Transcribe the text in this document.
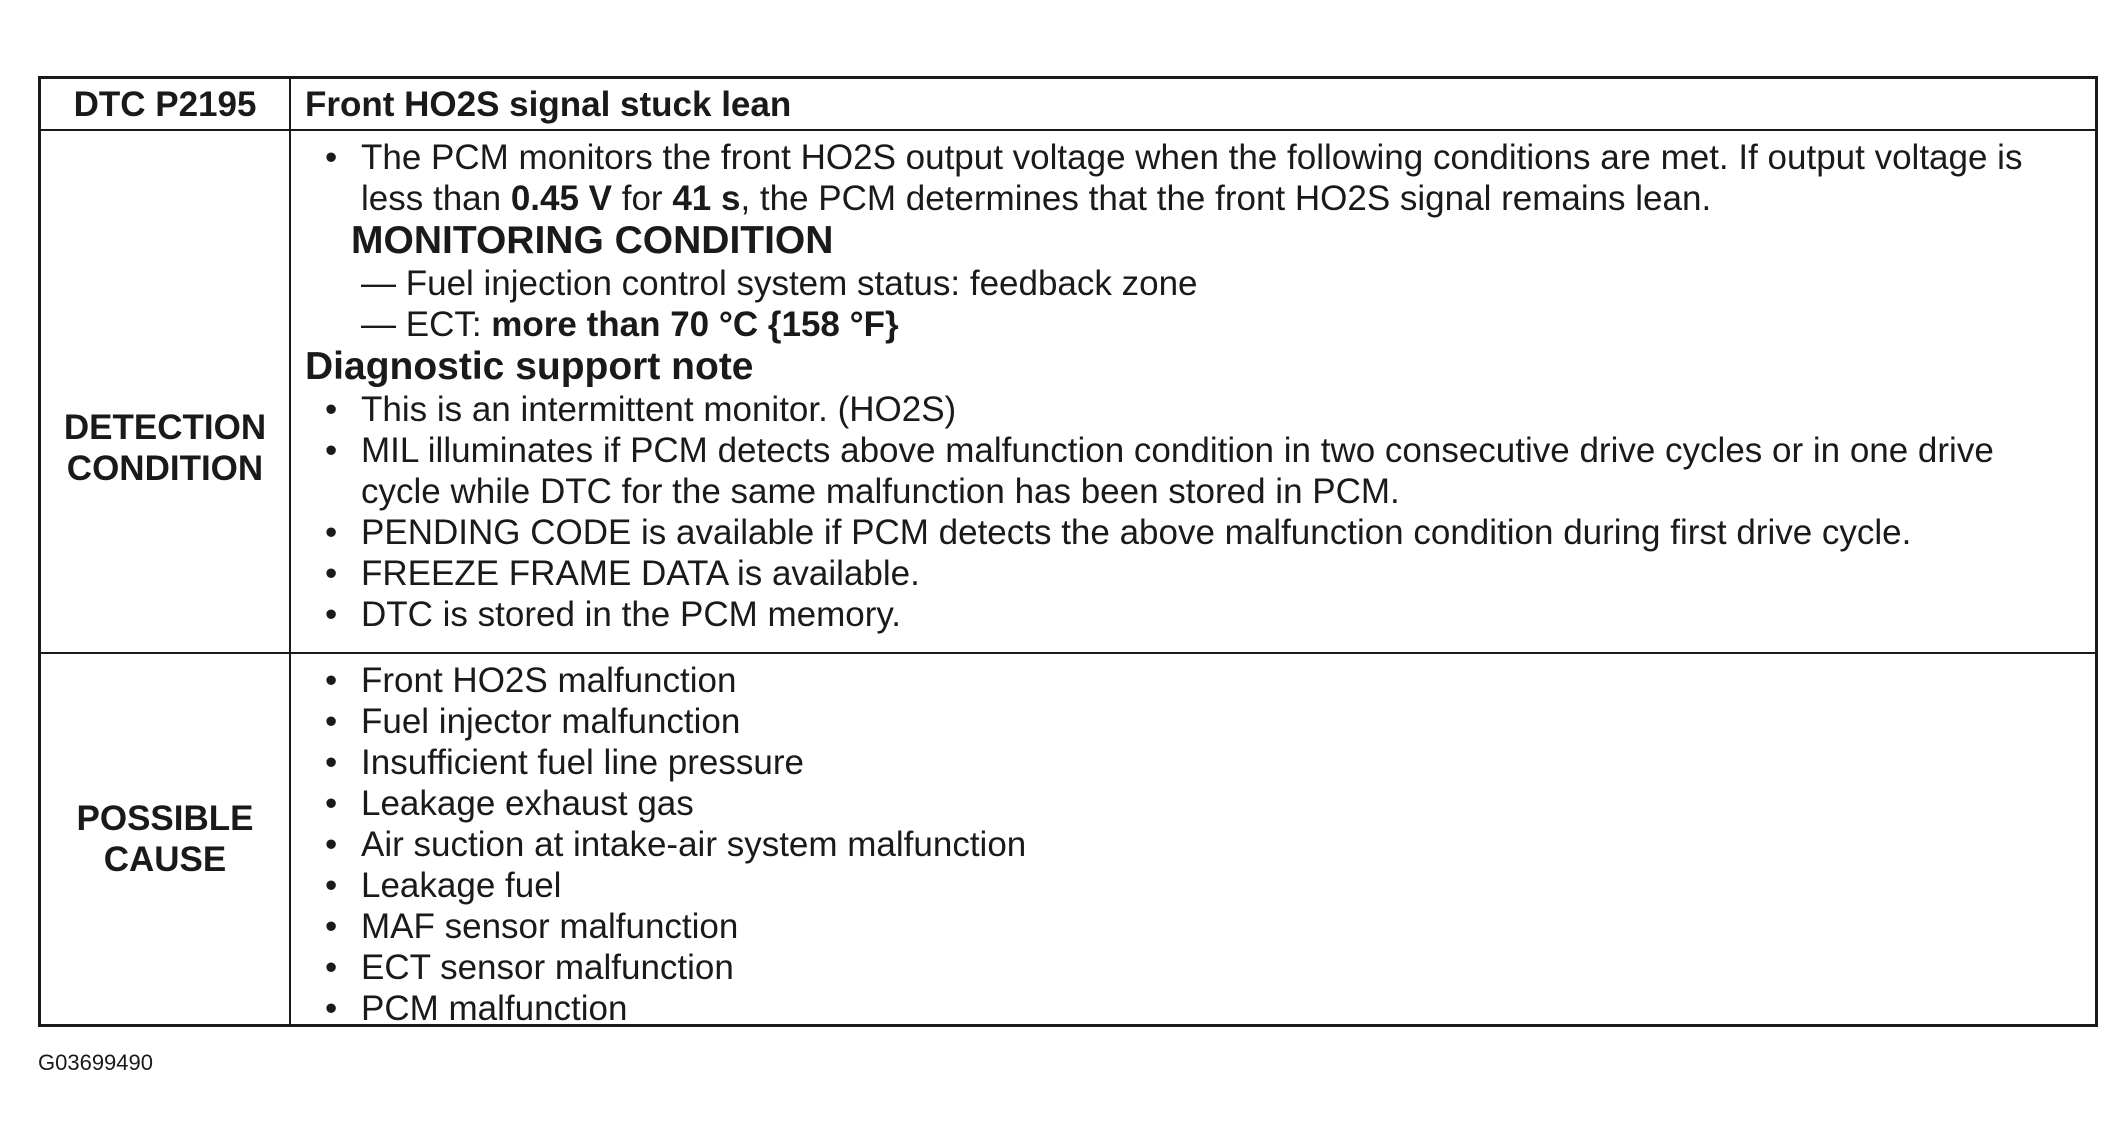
DTC P2195	Front HO2S signal stuck lean
DETECTION
CONDITION
• The PCM monitors the front HO2S output voltage when the following conditions are met. If output voltage is less than 0.45 V for 41 s, the PCM determines that the front HO2S signal remains lean.
MONITORING CONDITION
— Fuel injection control system status: feedback zone
— ECT: more than 70 °C {158 °F}
Diagnostic support note
• This is an intermittent monitor. (HO2S)
• MIL illuminates if PCM detects above malfunction condition in two consecutive drive cycles or in one drive cycle while DTC for the same malfunction has been stored in PCM.
• PENDING CODE is available if PCM detects the above malfunction condition during first drive cycle.
• FREEZE FRAME DATA is available.
• DTC is stored in the PCM memory.
POSSIBLE
CAUSE
• Front HO2S malfunction
• Fuel injector malfunction
• Insufficient fuel line pressure
• Leakage exhaust gas
• Air suction at intake-air system malfunction
• Leakage fuel
• MAF sensor malfunction
• ECT sensor malfunction
• PCM malfunction
G03699490
